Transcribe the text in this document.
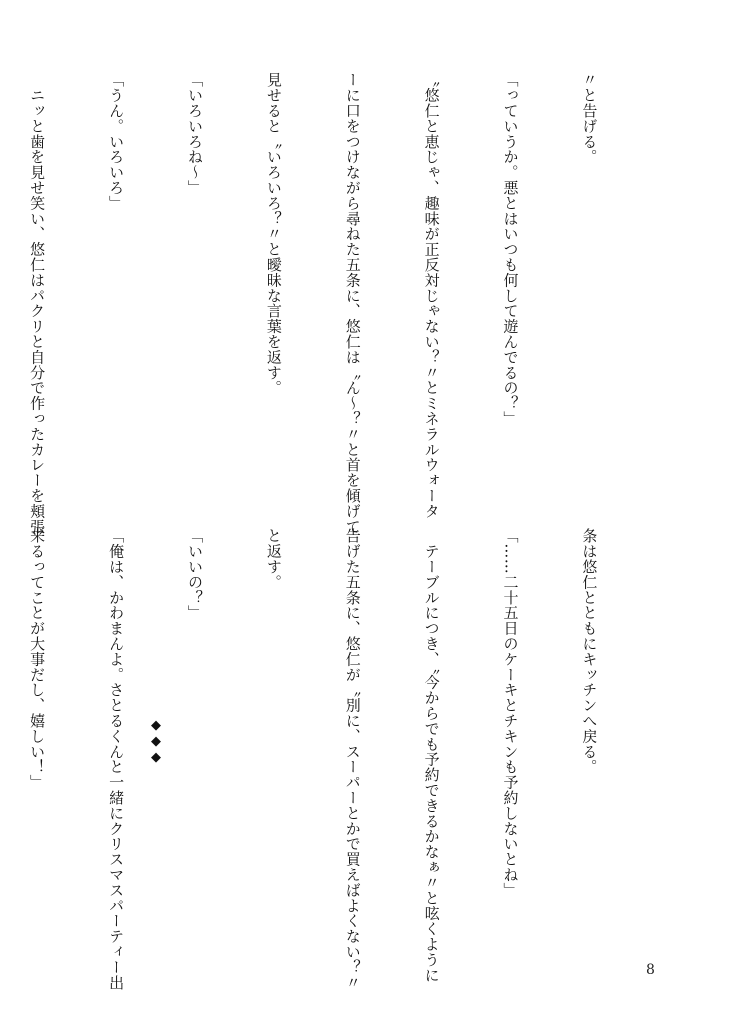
〃と告げる。

「っていうか。悪とはいつも何して遊んでるの？」

〝悠仁と恵じゃ、趣味が正反対じゃない？〃とミネラルウォータ

ーに口をつけながら尋ねた五条に、悠仁は〝ん〜？〃と首を傾げて

見せると〝いろいろ？〃と曖昧な言葉を返す。

「いろいろね〜」

「うん。いろいろ」

　ニッと歯を見せ笑い、悠仁はパクリと自分で作ったカレーを頬張

条は悠仁とともにキッチンへ戻る。

「……二十五日のケーキとチキンも予約しないとね」

　テーブルにつき、〝今からでも予約できるかなぁ〃と呟くように

告げた五条に、悠仁が〝別に、スーパーとかで買えばよくない？〃

と返す。

「いいの？」

「俺は、かわまんよ。さとるくんと一緒にクリスマスパーティー出

来るってことが大事だし、嬉しい！」

	◆
◆
◆
8
